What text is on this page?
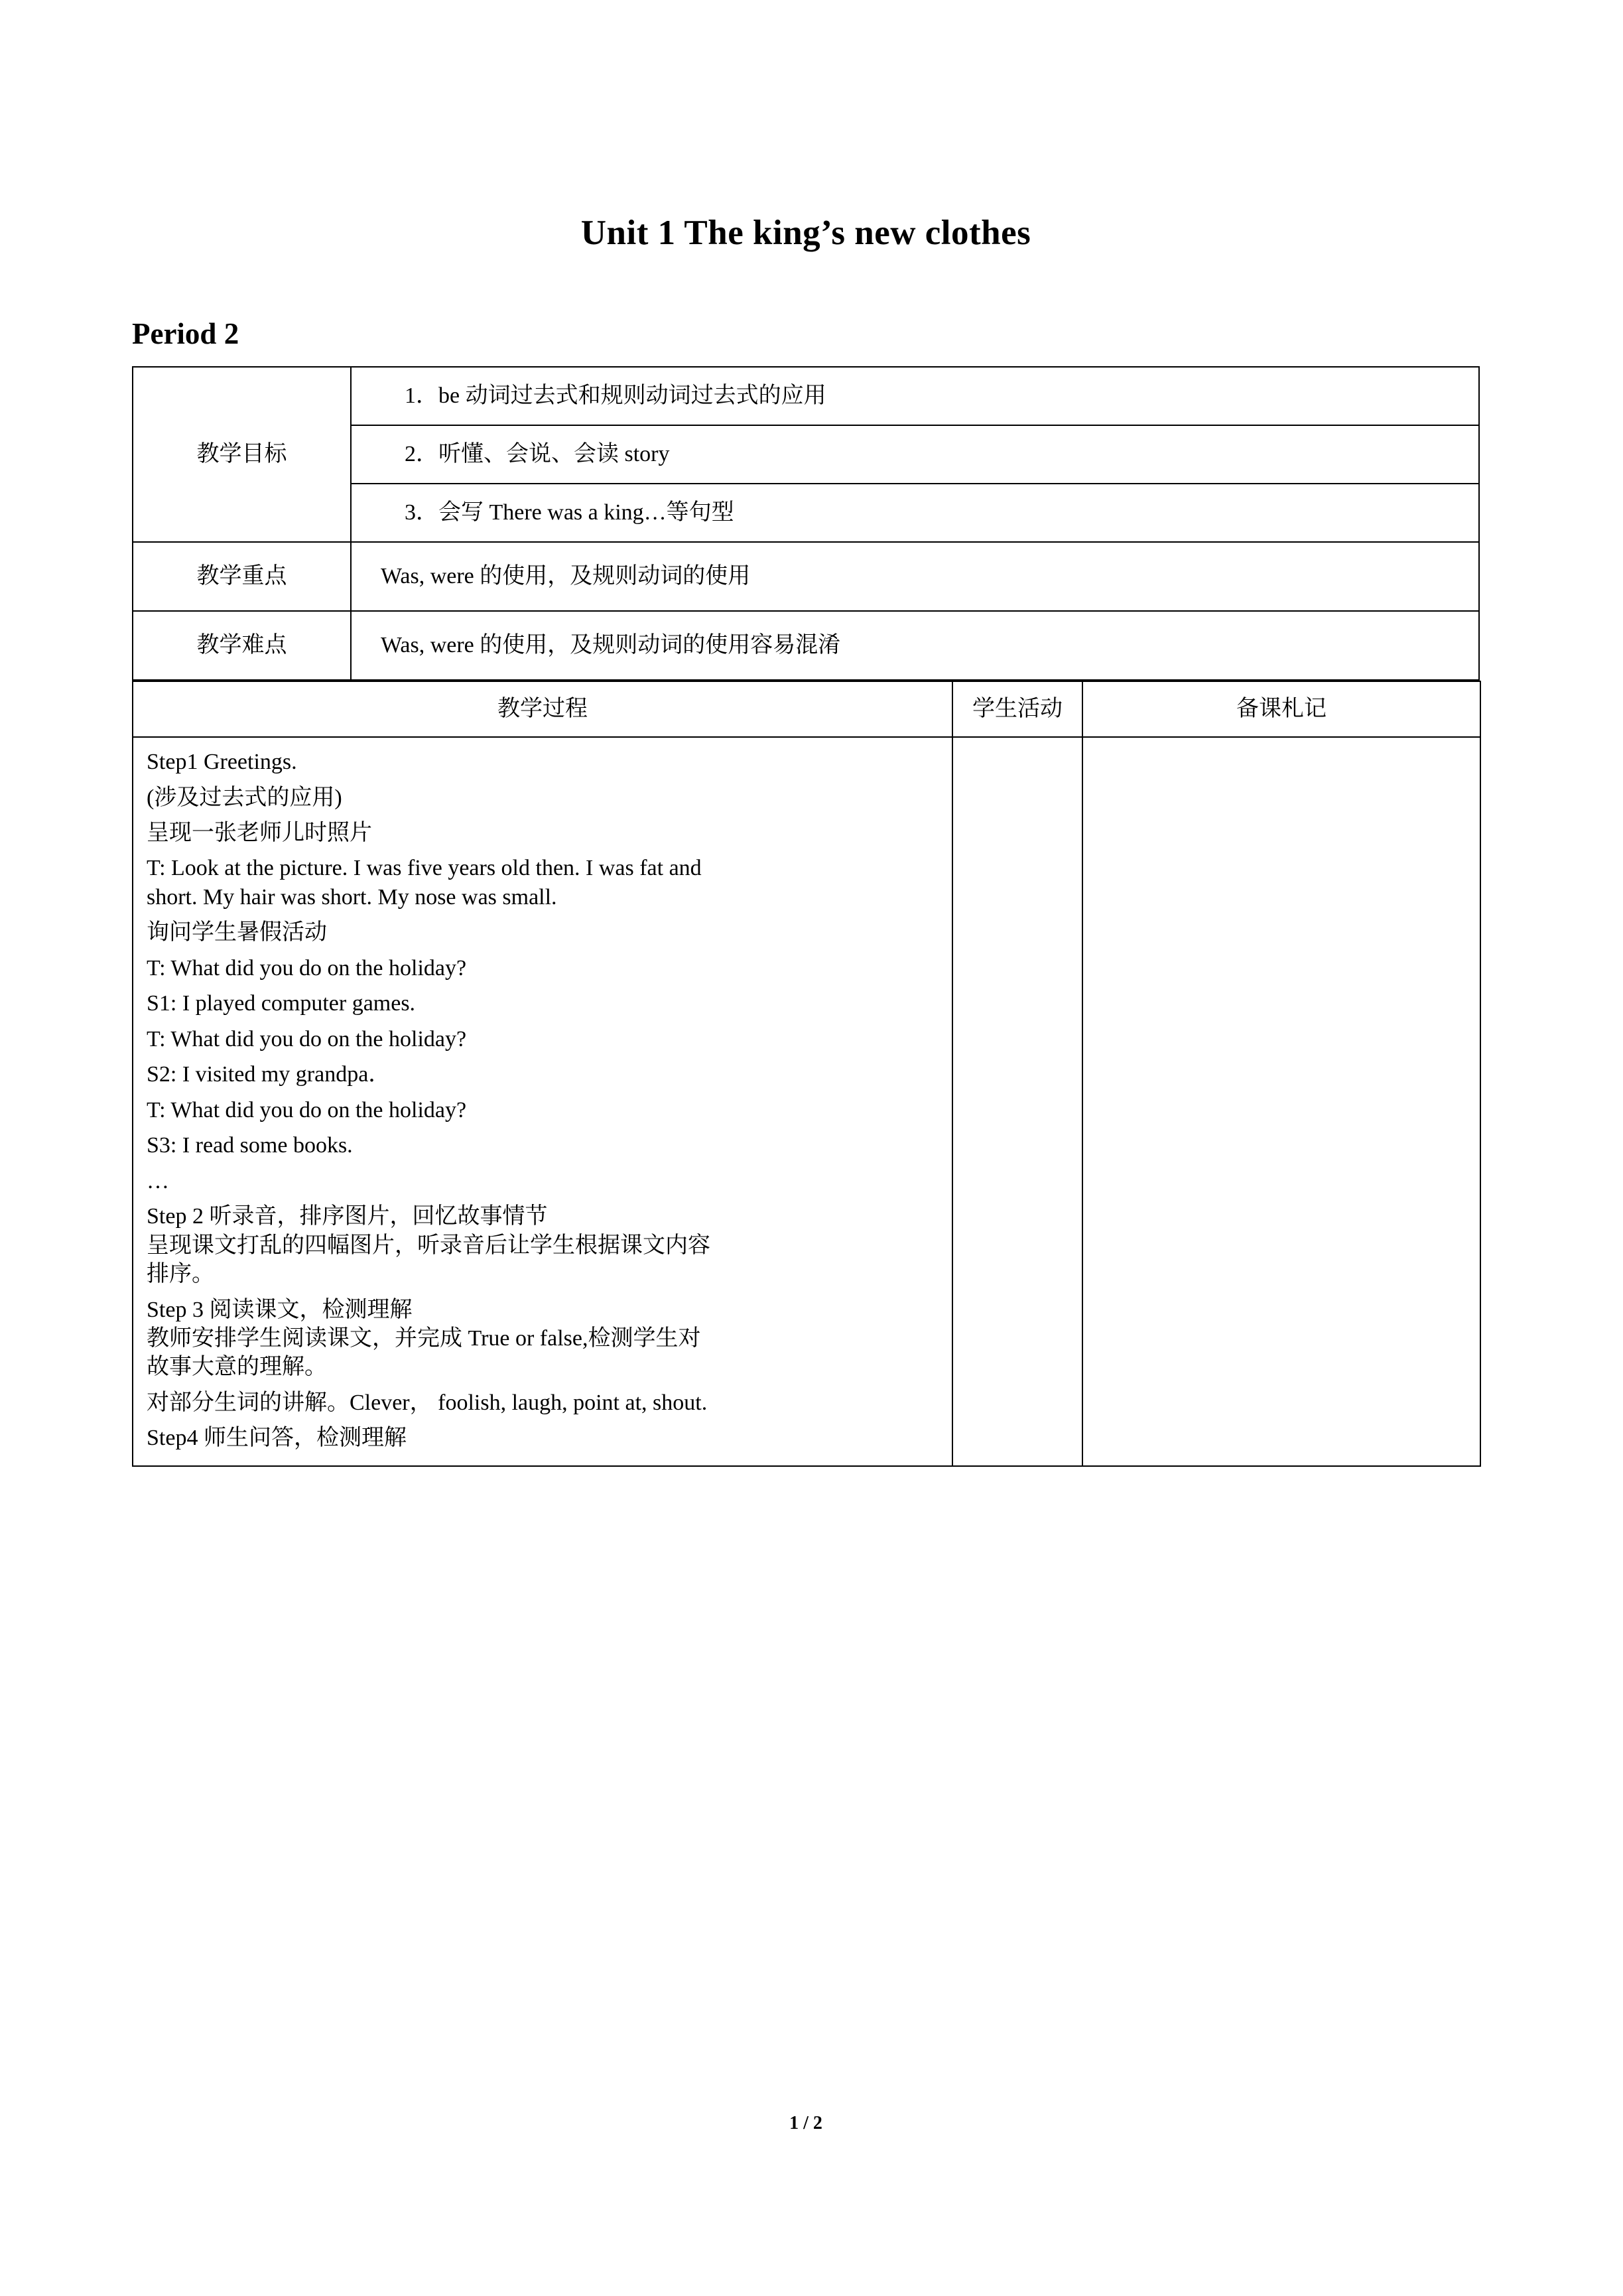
Unit 1 The king’s new clothes
Period 2
教学目标	1．be 动词过去式和规则动词过去式的应用
	2．听懂、会说、会读 story
	3．会写 There was a king…等句型
教学重点	Was, were 的使用，及规则动词的使用
教学难点	Was, were 的使用，及规则动词的使用容易混淆
教学过程	学生活动	备课札记

Step1 Greetings.

(涉及过去式的应用)

呈现一张老师儿时照片

T: Look at the picture. I was five years old then. I was fat and

short. My hair was short. My nose was small.

询问学生暑假活动

T: What did you do on the holiday?

S1: I played computer games.

T: What did you do on the holiday?

S2: I visited my grandpa．

T: What did you do on the holiday?

S3: I read some books.

…

Step 2 听录音，排序图片，回忆故事情节

呈现课文打乱的四幅图片，听录音后让学生根据课文内容

排序。

Step 3 阅读课文，检测理解

教师安排学生阅读课文，并完成 True or false,检测学生对

故事大意的理解。

对部分生词的讲解。Clever， foolish, laugh, point at, shout.

Step4 师生问答，检测理解

1 / 2
